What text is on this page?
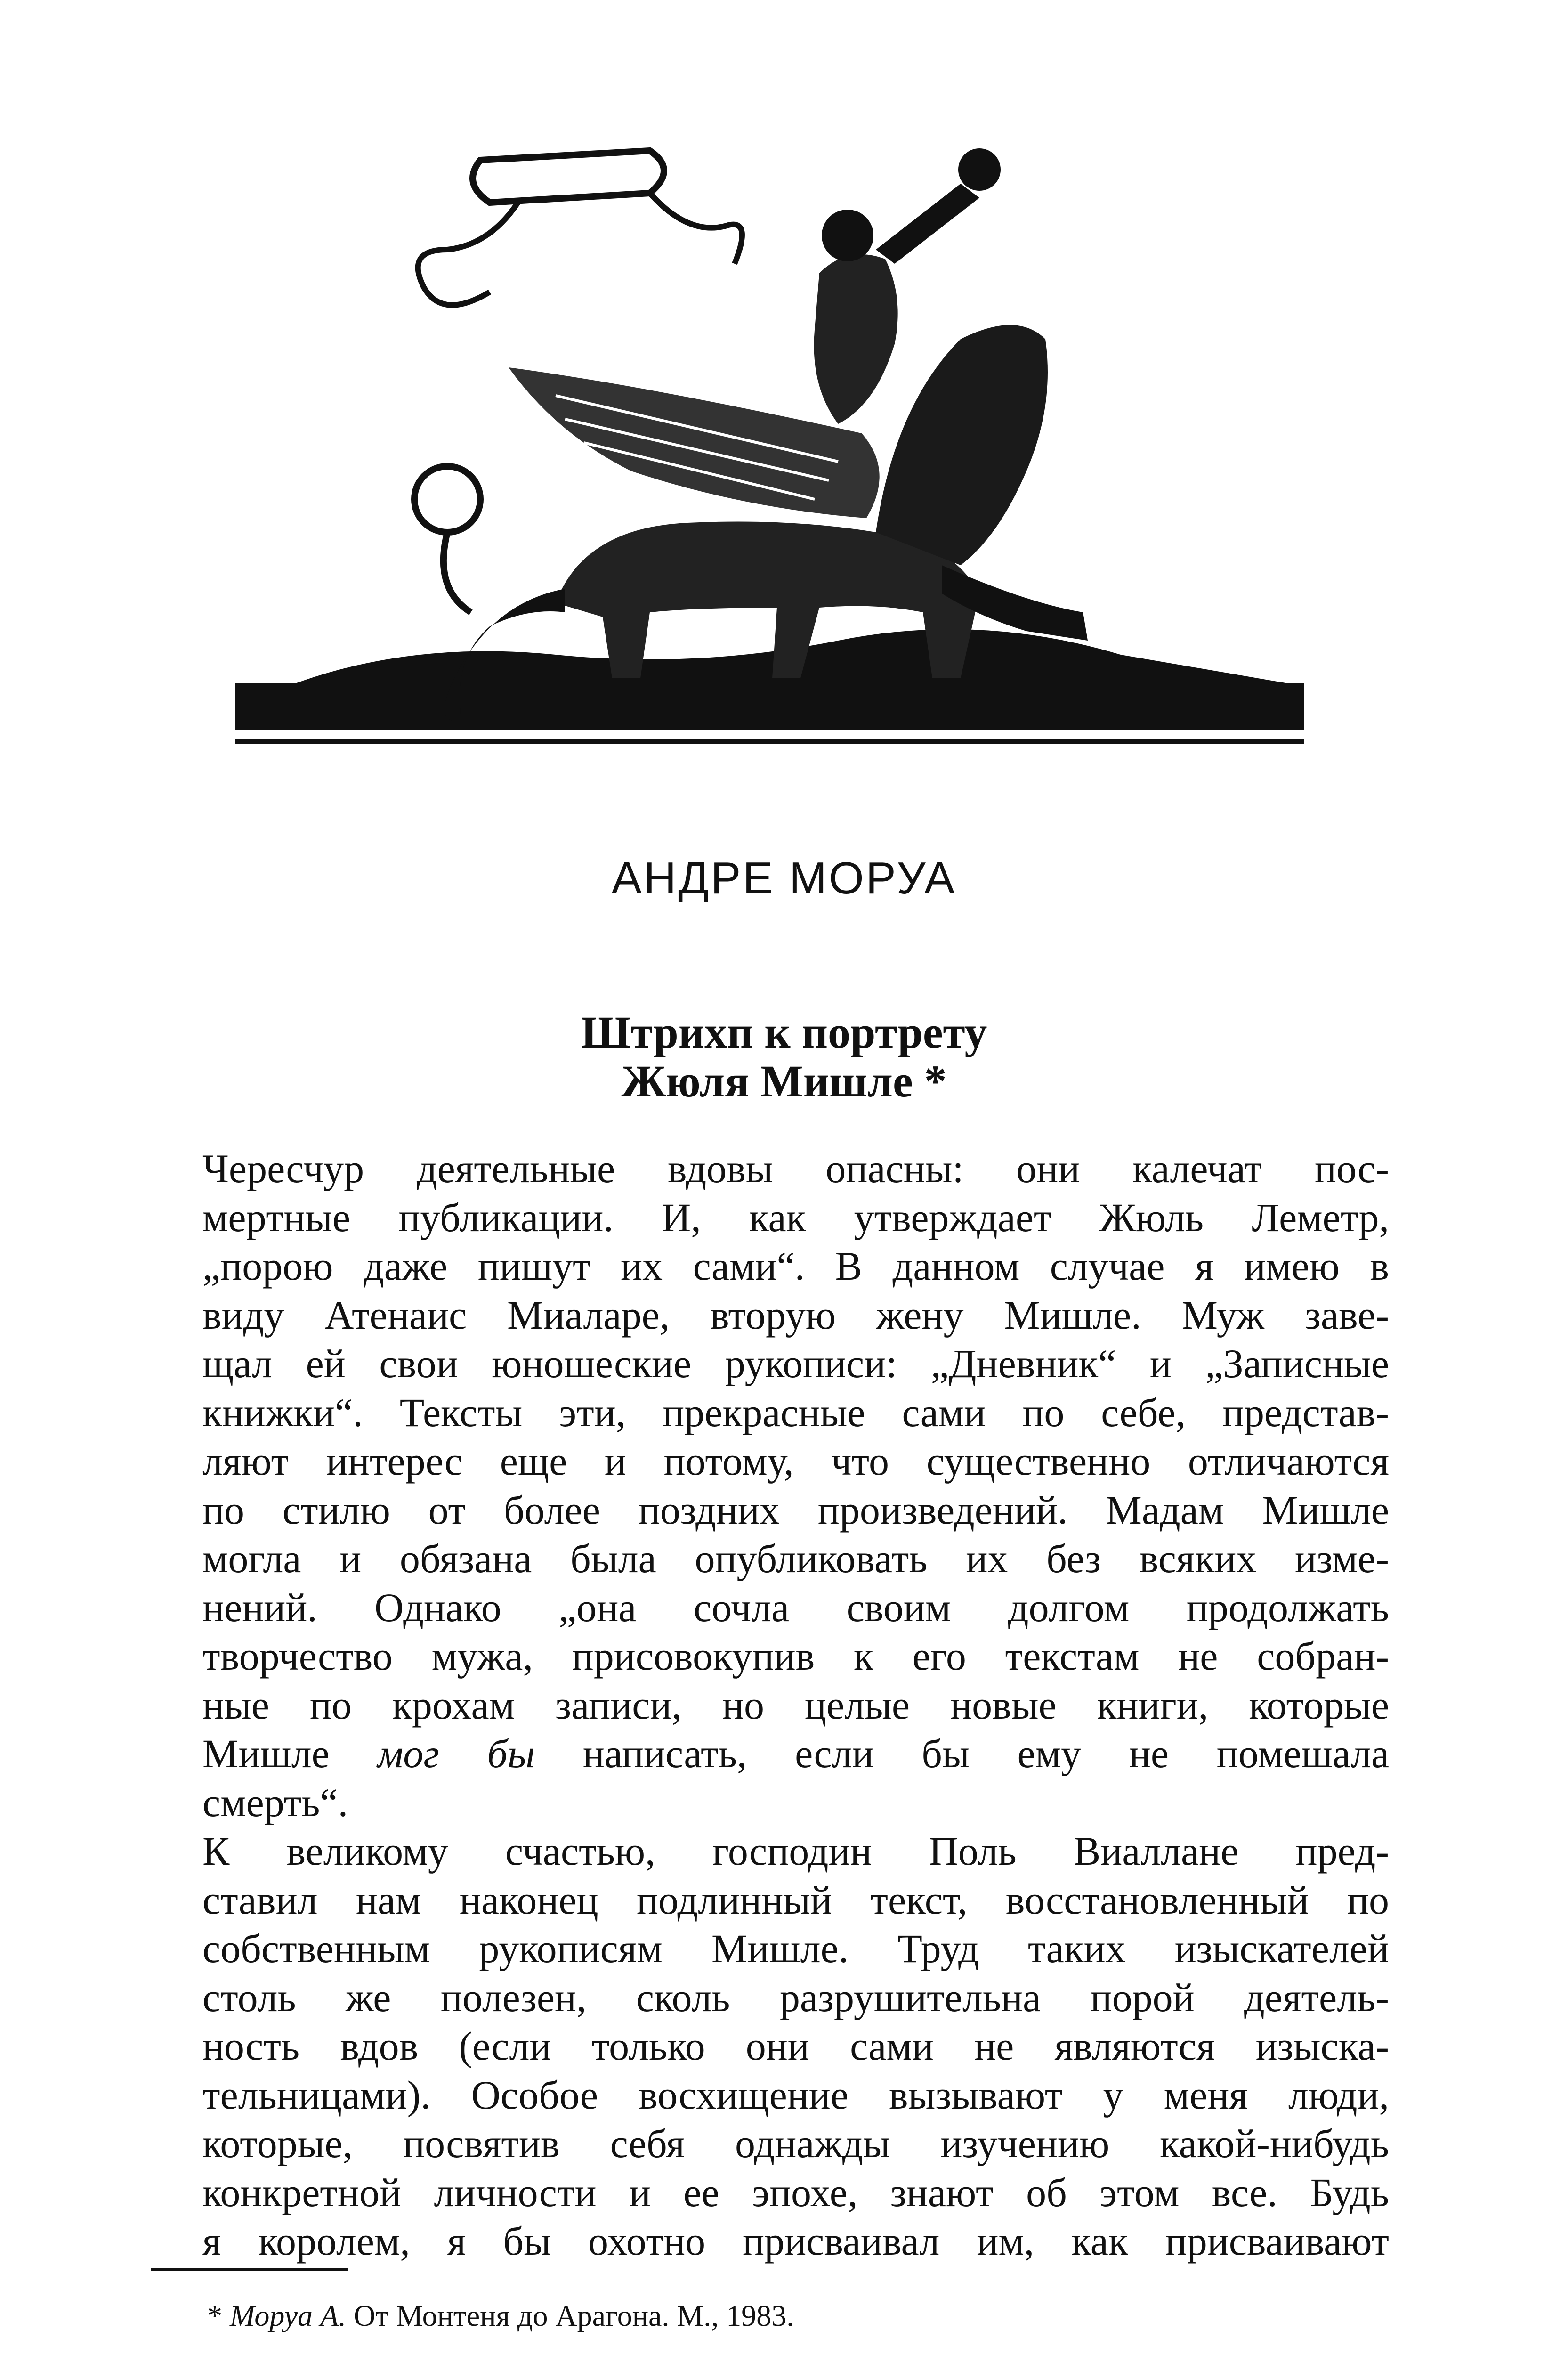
АНДРЕ МОРУА
Штрихп к портрету
Жюля Мишле *
Чересчур деятельные вдовы опасны: они калечат пос-
мертные публикации. И, как утверждает Жюль Леметр,
„порою даже пишут их сами“. В данном случае я имею в
виду Атенаис Миаларе, вторую жену Мишле. Муж заве-
щал ей свои юношеские рукописи: „Дневник“ и „Записные
книжки“. Тексты эти, прекрасные сами по себе, представ-
ляют интерес еще и потому, что существенно отличаются
по стилю от более поздних произведений. Мадам Мишле
могла и обязана была опубликовать их без всяких изме-
нений. Однако „она сочла своим долгом продолжать
творчество мужа, присовокупив к его текстам не собран-
ные по крохам записи, но целые новые книги, которые
Мишле мог бы написать, если бы ему не помешала
смерть“.
К великому счастью, господин Поль Виаллане пред-
ставил нам наконец подлинный текст, восстановленный по
собственным рукописям Мишле. Труд таких изыскателей
столь же полезен, сколь разрушительна порой деятель-
ность вдов (если только они сами не являются изыска-
тельницами). Особое восхищение вызывают у меня люди,
которые, посвятив себя однажды изучению какой-нибудь
конкретной личности и ее эпохе, знают об этом все. Будь
я королем, я бы охотно присваивал им, как присваивают
* Моруа А. От Монтеня до Арагона. М., 1983.
